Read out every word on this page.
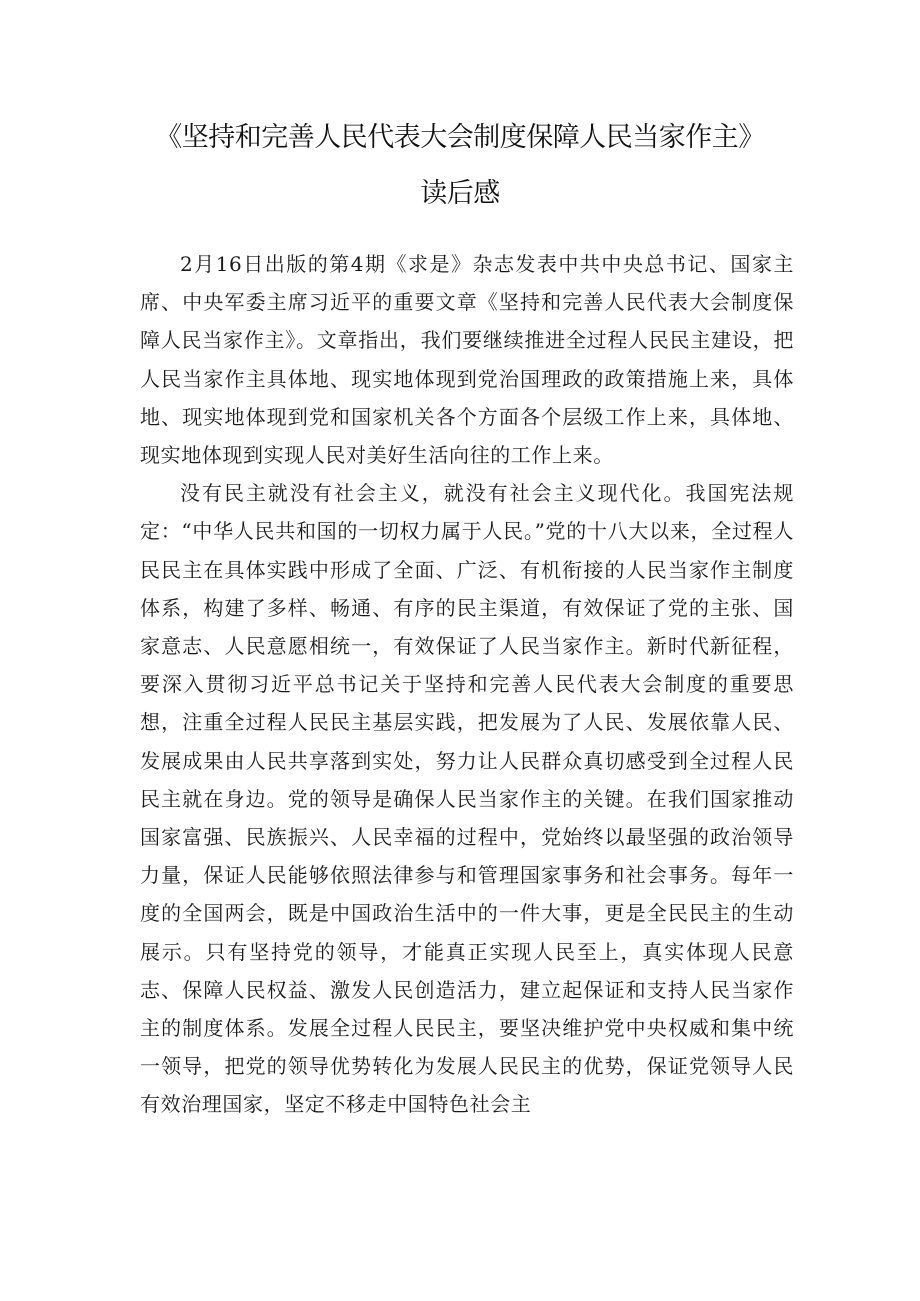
《坚持和完善人民代表大会制度保障人民当家作主》
读后感

2月16日出版的第4期《求是》杂志发表中共中央总书记、国家主席、中央军委主席习近平的重要文章《坚持和完善人民代表大会制度保障人民当家作主》。文章指出，我们要继续推进全过程人民民主建设，把人民当家作主具体地、现实地体现到党治国理政的政策措施上来，具体地、现实地体现到党和国家机关各个方面各个层级工作上来，具体地、现实地体现到实现人民对美好生活向往的工作上来。

没有民主就没有社会主义，就没有社会主义现代化。我国宪法规定：“中华人民共和国的一切权力属于人民。”党的十八大以来，全过程人民民主在具体实践中形成了全面、广泛、有机衔接的人民当家作主制度体系，构建了多样、畅通、有序的民主渠道，有效保证了党的主张、国家意志、人民意愿相统一，有效保证了人民当家作主。新时代新征程，要深入贯彻习近平总书记关于坚持和完善人民代表大会制度的重要思想，注重全过程人民民主基层实践，把发展为了人民、发展依靠人民、发展成果由人民共享落到实处，努力让人民群众真切感受到全过程人民民主就在身边。党的领导是确保人民当家作主的关键。在我们国家推动国家富强、民族振兴、人民幸福的过程中，党始终以最坚强的政治领导力量，保证人民能够依照法律参与和管理国家事务和社会事务。每年一度的全国两会，既是中国政治生活中的一件大事，更是全民民主的生动展示。只有坚持党的领导，才能真正实现人民至上，真实体现人民意志、保障人民权益、激发人民创造活力，建立起保证和支持人民当家作主的制度体系。发展全过程人民民主，要坚决维护党中央权威和集中统一领导，把党的领导优势转化为发展人民民主的优势，保证党领导人民有效治理国家，坚定不移走中国特色社会主
